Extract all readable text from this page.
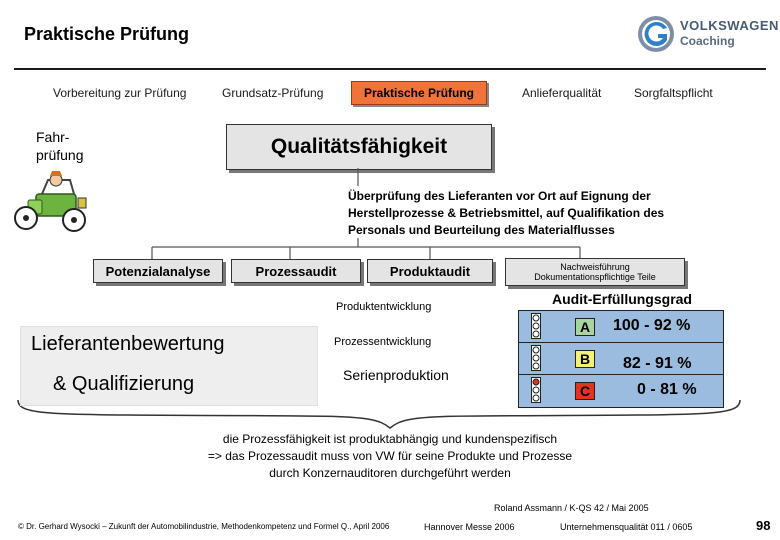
Praktische Prüfung	VOLKSWAGEN
Coaching
Vorbereitung zur Prüfung	Grundsatz-Prüfung	Praktische Prüfung	Anlieferqualität	Sorgfaltspflicht
Fahr-
prüfung	Qualitätsfähigkeit
Überprüfung des Lieferanten vor Ort auf Eignung der
Herstellprozesse & Betriebsmittel, auf Qualifikation des
Personals und Beurteilung des Materialflusses
Potenzialanalyse	Prozessaudit	Produktaudit	Nachweisführung
Dokumentationspflichtige Teile
Produktentwicklung
Prozessentwicklung
Serienproduktion
Lieferantenbewertung
& Qualifizierung
Audit-Erfüllungsgrad
A	100 - 92 %
B	82 - 91 %
C	0 - 81 %
die Prozessfähigkeit ist produktabhängig und kundenspezifisch
=> das Prozessaudit muss von VW für seine Produkte und Prozesse
durch Konzernauditoren durchgeführt werden
Roland Assmann / K-QS 42 / Mai 2005
© Dr. Gerhard Wysocki – Zukunft der Automobilindustrie, Methodenkompetenz und Formel Q., April 2006	Hannover Messe 2006	Unternehmensqualität 011 / 0605	98
